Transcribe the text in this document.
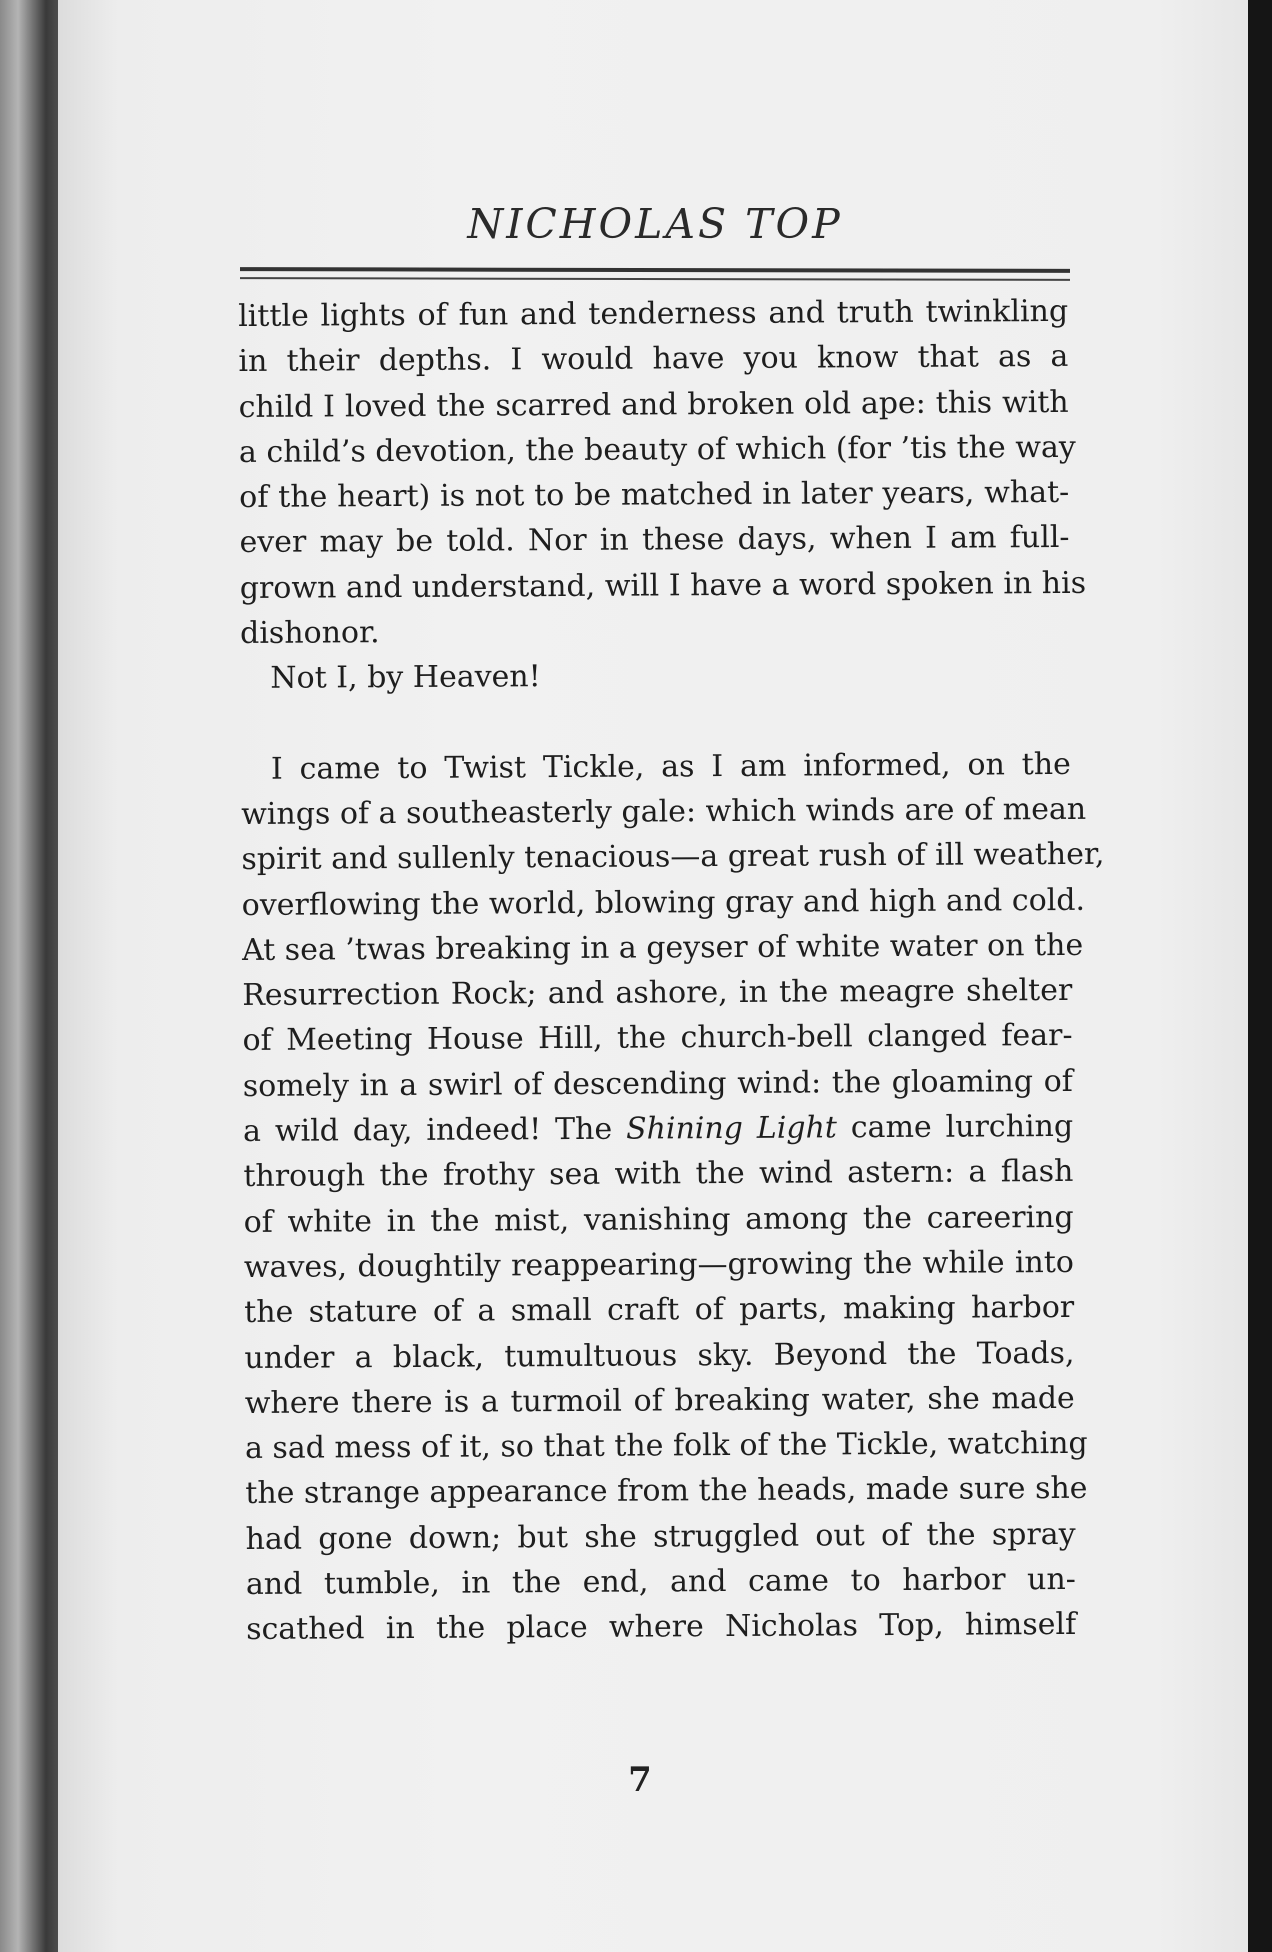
NICHOLAS TOP
little lights of fun and tenderness and truth twinkling
in their depths. I would have you know that as a
child I loved the scarred and broken old ape: this with
a child’s devotion, the beauty of which (for ’tis the way
of the heart) is not to be matched in later years, what-
ever may be told. Nor in these days, when I am full-
grown and understand, will I have a word spoken in his
dishonor.
Not I, by Heaven!
I came to Twist Tickle, as I am informed, on the
wings of a southeasterly gale: which winds are of mean
spirit and sullenly tenacious—a great rush of ill weather,
overflowing the world, blowing gray and high and cold.
At sea ’twas breaking in a geyser of white water on the
Resurrection Rock; and ashore, in the meagre shelter
of Meeting House Hill, the church-bell clanged fear-
somely in a swirl of descending wind: the gloaming of
a wild day, indeed! The Shining Light came lurching
through the frothy sea with the wind astern: a flash
of white in the mist, vanishing among the careering
waves, doughtily reappearing—growing the while into
the stature of a small craft of parts, making harbor
under a black, tumultuous sky. Beyond the Toads,
where there is a turmoil of breaking water, she made
a sad mess of it, so that the folk of the Tickle, watching
the strange appearance from the heads, made sure she
had gone down; but she struggled out of the spray
and tumble, in the end, and came to harbor un-
scathed in the place where Nicholas Top, himself
7
